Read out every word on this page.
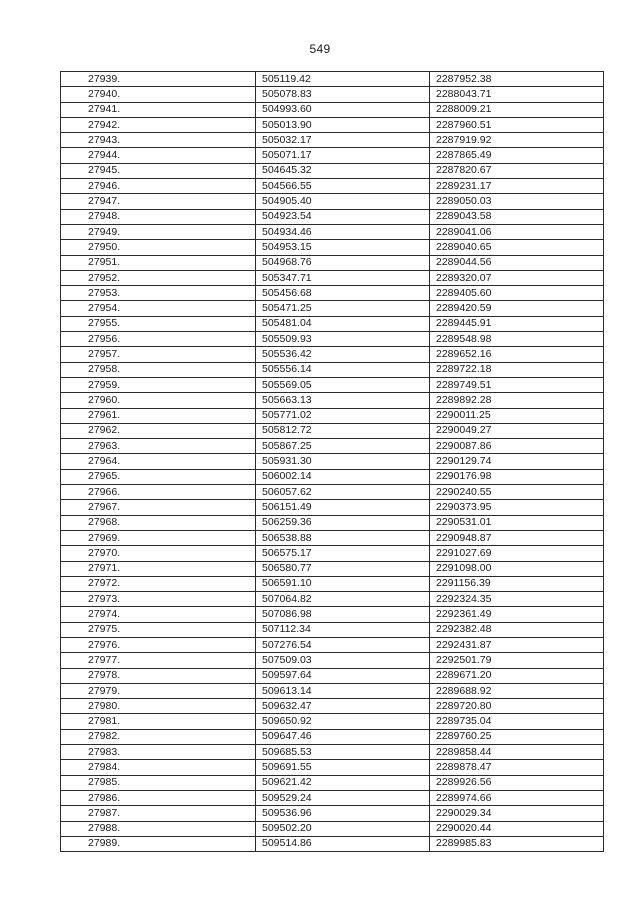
549
27939.	505119.42	2287952.38
27940.	505078.83	2288043.71
27941.	504993.60	2288009.21
27942.	505013.90	2287960.51
27943.	505032.17	2287919.92
27944.	505071.17	2287865.49
27945.	504645.32	2287820.67
27946.	504566.55	2289231.17
27947.	504905.40	2289050.03
27948.	504923.54	2289043.58
27949.	504934.46	2289041.06
27950.	504953.15	2289040.65
27951.	504968.76	2289044.56
27952.	505347.71	2289320.07
27953.	505456.68	2289405.60
27954.	505471.25	2289420.59
27955.	505481.04	2289445.91
27956.	505509.93	2289548.98
27957.	505536.42	2289652.16
27958.	505556.14	2289722.18
27959.	505569.05	2289749.51
27960.	505663.13	2289892.28
27961.	505771.02	2290011.25
27962.	505812.72	2290049.27
27963.	505867.25	2290087.86
27964.	505931.30	2290129.74
27965.	506002.14	2290176.98
27966.	506057.62	2290240.55
27967.	506151.49	2290373.95
27968.	506259.36	2290531.01
27969.	506538.88	2290948.87
27970.	506575.17	2291027.69
27971.	506580.77	2291098.00
27972.	506591.10	2291156.39
27973.	507064.82	2292324.35
27974.	507086.98	2292361.49
27975.	507112.34	2292382.48
27976.	507276.54	2292431.87
27977.	507509.03	2292501.79
27978.	509597.64	2289671.20
27979.	509613.14	2289688.92
27980.	509632.47	2289720.80
27981.	509650.92	2289735.04
27982.	509647.46	2289760.25
27983.	509685.53	2289858.44
27984.	509691.55	2289878.47
27985.	509621.42	2289926.56
27986.	509529.24	2289974.66
27987.	509536.96	2290029.34
27988.	509502.20	2290020.44
27989.	509514.86	2289985.83
